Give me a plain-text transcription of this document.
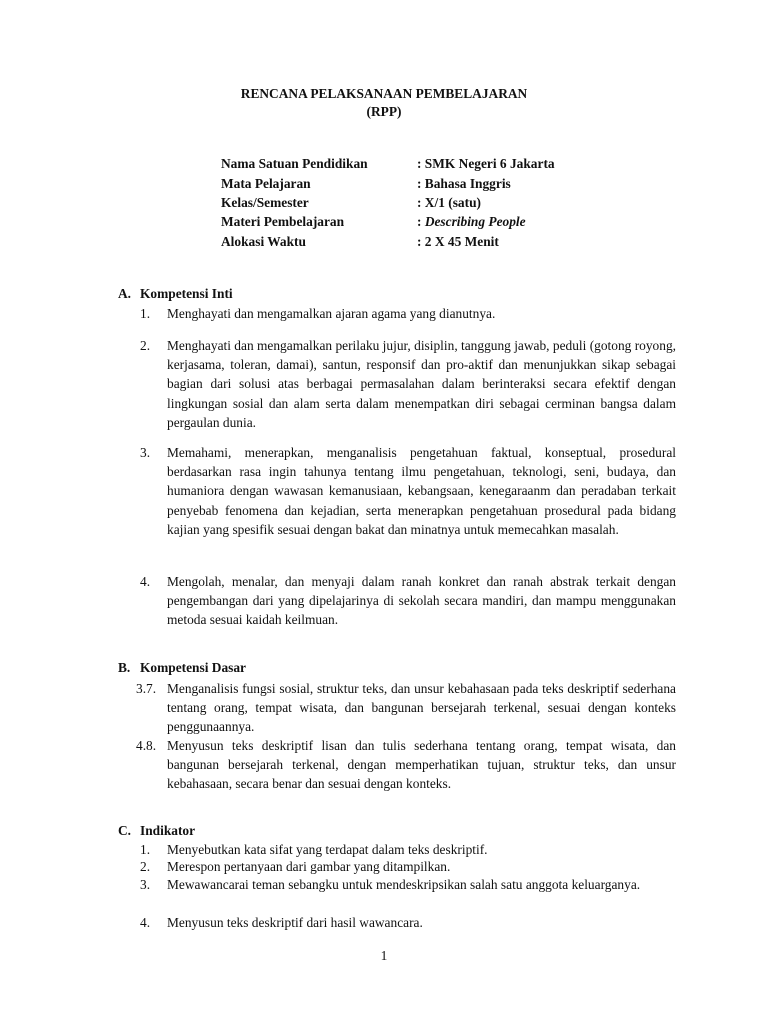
RENCANA PELAKSANAAN PEMBELAJARAN
(RPP)
Nama Satuan Pendidikan	: SMK Negeri 6 Jakarta
Mata Pelajaran	: Bahasa Inggris
Kelas/Semester	: X/1 (satu)
Materi Pembelajaran	: Describing People
Alokasi Waktu	: 2 X 45 Menit
A. Kompetensi Inti
1.	Menghayati dan mengamalkan ajaran agama yang dianutnya.
2.	Menghayati dan mengamalkan perilaku jujur, disiplin, tanggung jawab, peduli (gotong royong, kerjasama, toleran, damai), santun, responsif dan pro-aktif dan menunjukkan sikap sebagai bagian dari solusi atas berbagai permasalahan dalam berinteraksi secara efektif dengan lingkungan sosial dan alam serta dalam menempatkan diri sebagai cerminan bangsa dalam pergaulan dunia.
3.	Memahami, menerapkan, menganalisis pengetahuan faktual, konseptual, prosedural berdasarkan rasa ingin tahunya tentang ilmu pengetahuan, teknologi, seni, budaya, dan humaniora dengan wawasan kemanusiaan, kebangsaan, kenegaraanm dan peradaban terkait penyebab fenomena dan kejadian, serta menerapkan pengetahuan prosedural pada bidang kajian yang spesifik sesuai dengan bakat dan minatnya untuk memecahkan masalah.
4.	Mengolah, menalar, dan menyaji dalam ranah konkret dan ranah abstrak terkait dengan pengembangan dari yang dipelajarinya di sekolah secara mandiri, dan mampu menggunakan metoda sesuai kaidah keilmuan.
B. Kompetensi Dasar
3.7. Menganalisis fungsi sosial, struktur teks, dan unsur kebahasaan pada teks deskriptif sederhana tentang orang, tempat wisata, dan bangunan bersejarah terkenal, sesuai dengan konteks penggunaannya.
4.8. Menyusun teks deskriptif lisan dan tulis sederhana tentang orang, tempat wisata, dan bangunan bersejarah terkenal, dengan memperhatikan tujuan, struktur teks, dan unsur kebahasaan, secara benar dan sesuai dengan konteks.
C. Indikator
1.	Menyebutkan kata sifat yang terdapat dalam teks deskriptif.
2.	Merespon pertanyaan dari gambar yang ditampilkan.
3.	Mewawancarai teman sebangku untuk mendeskripsikan salah satu anggota keluarganya.
4.	Menyusun teks deskriptif dari hasil wawancara.
1
